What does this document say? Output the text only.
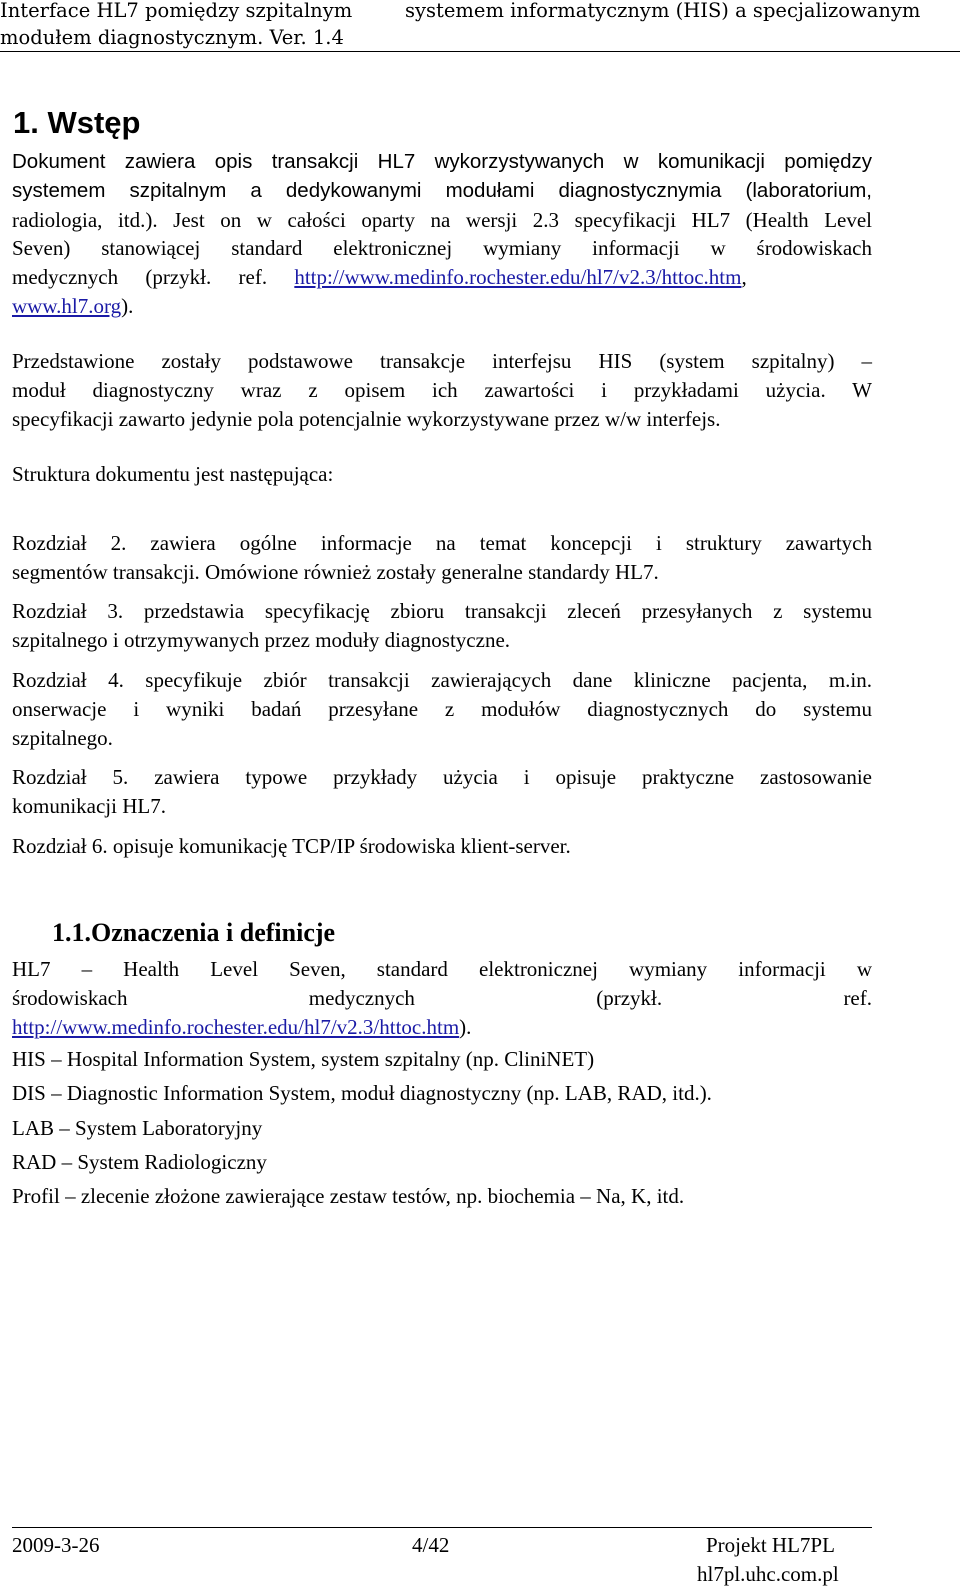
Interface HL7 pomiędzy szpitalnym	systemem informatycznym (HIS) a specjalizowanym
modułem diagnostycznym. Ver. 1.4
1. Wstęp
Dokument zawiera opis transakcji HL7 wykorzystywanych w komunikacji pomiędzy
systemem szpitalnym a dedykowanymi modułami diagnostycznymia (laboratorium,
radiologia, itd.). Jest on w całości oparty na wersji 2.3 specyfikacji HL7 (Health Level
Seven) stanowiącej standard elektronicznej wymiany informacji w środowiskach
medycznych (przykł. ref. http://www.medinfo.rochester.edu/hl7/v2.3/httoc.htm,
www.hl7.org).
Przedstawione zostały podstawowe transakcje interfejsu HIS (system szpitalny) –
moduł diagnostyczny wraz z opisem ich zawartości i przykładami użycia. W
specyfikacji zawarto jedynie pola potencjalnie wykorzystywane przez w/w interfejs.
Struktura dokumentu jest następująca:
Rozdział 2. zawiera ogólne informacje na temat koncepcji i struktury zawartych
segmentów transakcji. Omówione również zostały generalne standardy HL7.
Rozdział 3. przedstawia specyfikację zbioru transakcji zleceń przesyłanych z systemu
szpitalnego i otrzymywanych przez moduły diagnostyczne.
Rozdział 4. specyfikuje zbiór transakcji zawierających dane kliniczne pacjenta, m.in.
onserwacje i wyniki badań przesyłane z modułów diagnostycznych do systemu
szpitalnego.
Rozdział 5. zawiera typowe przykłady użycia i opisuje praktyczne zastosowanie
komunikacji HL7.
Rozdział 6. opisuje komunikację TCP/IP środowiska klient-server.
1.1.Oznaczenia i definicje
HL7 – Health Level Seven, standard elektronicznej wymiany informacji w
środowiskach medycznych (przykł. ref.
http://www.medinfo.rochester.edu/hl7/v2.3/httoc.htm).
HIS – Hospital Information System, system szpitalny (np. CliniNET)
DIS – Diagnostic Information System, moduł diagnostyczny (np. LAB, RAD, itd.).
LAB – System Laboratoryjny
RAD – System Radiologiczny
Profil – zlecenie złożone zawierające zestaw testów, np. biochemia – Na, K, itd.
2009-3-26	4/42	Projekt HL7PL
hl7pl.uhc.com.pl
